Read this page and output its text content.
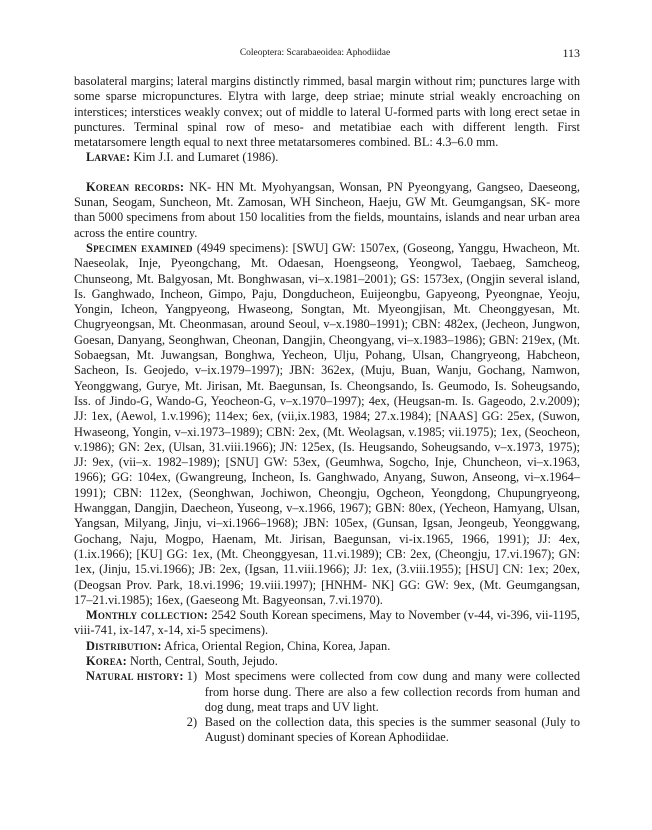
Coleoptera: Scarabaeoidea: Aphodiidae	113

basolateral margins; lateral margins distinctly rimmed, basal margin without rim; punctures large with some sparse micropunctures. Elytra with large, deep striae; minute strial weakly encroaching on interstices; interstices weakly convex; out of middle to lateral U-formed parts with long erect setae in punctures. Terminal spinal row of meso- and metatibiae each with different length. First metatarsomere length equal to next three metatarsomeres combined. BL: 4.3–6.0 mm.

Larvae: Kim J.I. and Lumaret (1986).

Korean records: NK- HN Mt. Myohyangsan, Wonsan, PN Pyeongyang, Gangseo, Daeseong, Sunan, Seogam, Suncheon, Mt. Zamosan, WH Sincheon, Haeju, GW Mt. Geumgangsan, SK- more than 5000 specimens from about 150 localities from the fields, mountains, islands and near urban area across the entire country.

Specimen examined (4949 specimens): [SWU] GW: 1507ex, (Goseong, Yanggu, Hwacheon, Mt. Naeseolak, Inje, Pyeongchang, Mt. Odaesan, Hoengseong, Yeongwol, Taebaeg, Samcheog, Chunseong, Mt. Balgyosan, Mt. Bonghwasan, vi–x.1981–2001); GS: 1573ex, (Ongjin several island, Is. Ganghwado, Incheon, Gimpo, Paju, Dongducheon, Euijeongbu, Gapyeong, Pyeongnae, Yeoju, Yongin, Icheon, Yangpyeong, Hwaseong, Songtan, Mt. Myeongjisan, Mt. Cheonggyesan, Mt. Chugryeongsan, Mt. Cheonmasan, around Seoul, v–x.1980–1991); CBN: 482ex, (Jecheon, Jungwon, Goesan, Danyang, Seonghwan, Cheonan, Dangjin, Cheongyang, vi–x.1983–1986); GBN: 219ex, (Mt. Sobaegsan, Mt. Juwangsan, Bonghwa, Yecheon, Ulju, Pohang, Ulsan, Changryeong, Habcheon, Sacheon, Is. Geojedo, v–ix.1979–1997); JBN: 362ex, (Muju, Buan, Wanju, Gochang, Namwon, Yeonggwang, Gurye, Mt. Jirisan, Mt. Baegunsan, Is. Cheongsando, Is. Geumodo, Is. Soheugsando, Iss. of Jindo-G, Wando-G, Yeocheon-G, v–x.1970–1997); 4ex, (Heugsan-m. Is. Gageodo, 2.v.2009); JJ: 1ex, (Aewol, 1.v.1996); 114ex; 6ex, (vii,ix.1983, 1984; 27.x.1984); [NAAS] GG: 25ex, (Suwon, Hwaseong, Yongin, v–xi.1973–1989); CBN: 2ex, (Mt. Weolagsan, v.1985; vii.1975); 1ex, (Seocheon, v.1986); GN: 2ex, (Ulsan, 31.viii.1966); JN: 125ex, (Is. Heugsando, Soheugsando, v–x.1973, 1975); JJ: 9ex, (vii–x. 1982–1989); [SNU] GW: 53ex, (Geumhwa, Sogcho, Inje, Chuncheon, vi–x.1963, 1966); GG: 104ex, (Gwangreung, Incheon, Is. Ganghwado, Anyang, Suwon, Anseong, vi–x.1964–1991); CBN: 112ex, (Seonghwan, Jochiwon, Cheongju, Ogcheon, Yeongdong, Chupungryeong, Hwanggan, Dangjin, Daecheon, Yuseong, v–x.1966, 1967); GBN: 80ex, (Yecheon, Hamyang, Ulsan, Yangsan, Milyang, Jinju, vi–xi.1966–1968); JBN: 105ex, (Gunsan, Igsan, Jeongeub, Yeonggwang, Gochang, Naju, Mogpo, Haenam, Mt. Jirisan, Baegunsan, vi-ix.1965, 1966, 1991); JJ: 4ex, (1.ix.1966); [KU] GG: 1ex, (Mt. Cheonggyesan, 11.vi.1989); CB: 2ex, (Cheongju, 17.vi.1967); GN: 1ex, (Jinju, 15.vi.1966); JB: 2ex, (Igsan, 11.viii.1966); JJ: 1ex, (3.viii.1955); [HSU] CN: 1ex; 20ex, (Deogsan Prov. Park, 18.vi.1996; 19.viii.1997); [HNHM- NK] GG: GW: 9ex, (Mt. Geumgangsan, 17–21.vi.1985); 16ex, (Gaeseong Mt. Bagyeonsan, 7.vi.1970).

Monthly collection: 2542 South Korean specimens, May to November (v-44, vi-396, vii-1195, viii-741, ix-147, x-14, xi-5 specimens).

Distribution: Africa, Oriental Region, China, Korea, Japan.

Korea: North, Central, South, Jejudo.

Natural history: 1) Most specimens were collected from cow dung and many were collected from horse dung. There are also a few collection records from human and dog dung, meat traps and UV light.
2) Based on the collection data, this species is the summer seasonal (July to August) dominant species of Korean Aphodiidae.
